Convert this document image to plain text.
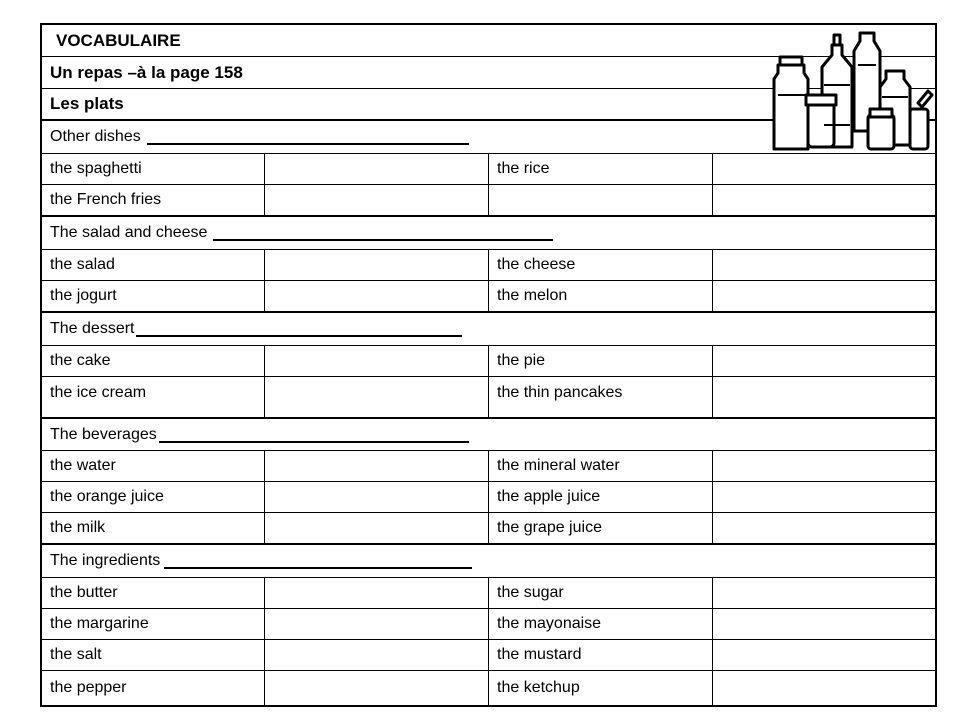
VOCABULAIRE
Un repas –à la page 158
Les plats
Other dishes
the spaghetti	the rice
the French fries
The salad and cheese
the salad	the cheese
the jogurt	the melon
The dessert
the cake	the pie
the ice cream	the thin pancakes
The beverages
the water	the mineral water
the orange juice	the apple juice
the milk	the grape juice
The ingredients
the butter	the sugar
the margarine	the mayonaise
the salt	the mustard
the pepper	the ketchup
